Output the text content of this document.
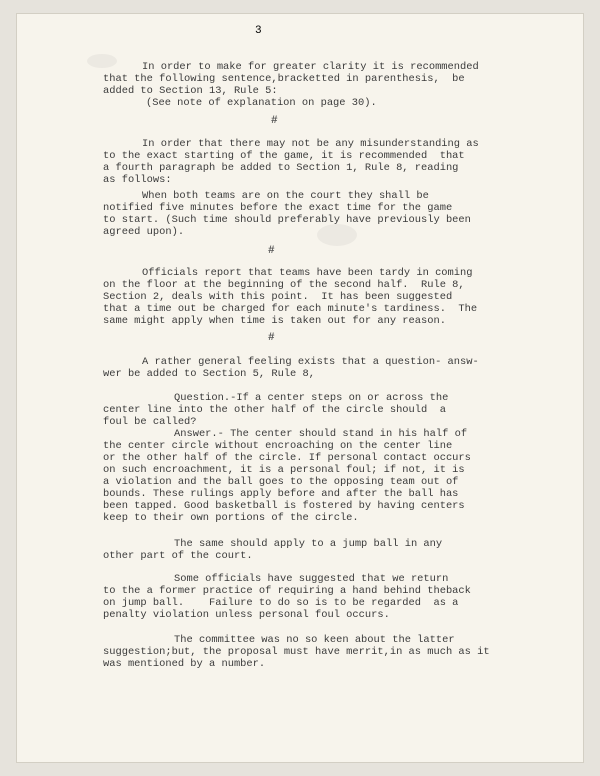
3
In order to make for greater clarity it is recommended
that the following sentence,bracketted in parenthesis,  be
added to Section 13, Rule 5:
(See note of explanation on page 30).
In order that there may not be any misunderstanding as
to the exact starting of the game, it is recommended  that
a fourth paragraph be added to Section 1, Rule 8, reading
as follows:
When both teams are on the court they shall be
notified five minutes before the exact time for the game
to start. (Such time should preferably have previously been
agreed upon).
Officials report that teams have been tardy in coming
on the floor at the beginning of the second half.  Rule 8,
Section 2, deals with this point.  It has been suggested
that a time out be charged for each minute's tardiness.  The
same might apply when time is taken out for any reason.
A rather general feeling exists that a question- answ-
wer be added to Section 5, Rule 8,
Question.-If a center steps on or across the
center line into the other half of the circle should  a
foul be called?
Answer.- The center should stand in his half of
the center circle without encroaching on the center line
or the other half of the circle. If personal contact occurs
on such encroachment, it is a personal foul; if not, it is
a violation and the ball goes to the opposing team out of
bounds. These rulings apply before and after the ball has
been tapped. Good basketball is fostered by having centers
keep to their own portions of the circle.
The same should apply to a jump ball in any
other part of the court.
Some officials have suggested that we return
to the a former practice of requiring a hand behind theback
on jump ball.    Failure to do so is to be regarded  as a
penalty violation unless personal foul occurs.
The committee was no so keen about the latter
suggestion;but, the proposal must have merrit,in as much as it
was mentioned by a number.
#
#
#
